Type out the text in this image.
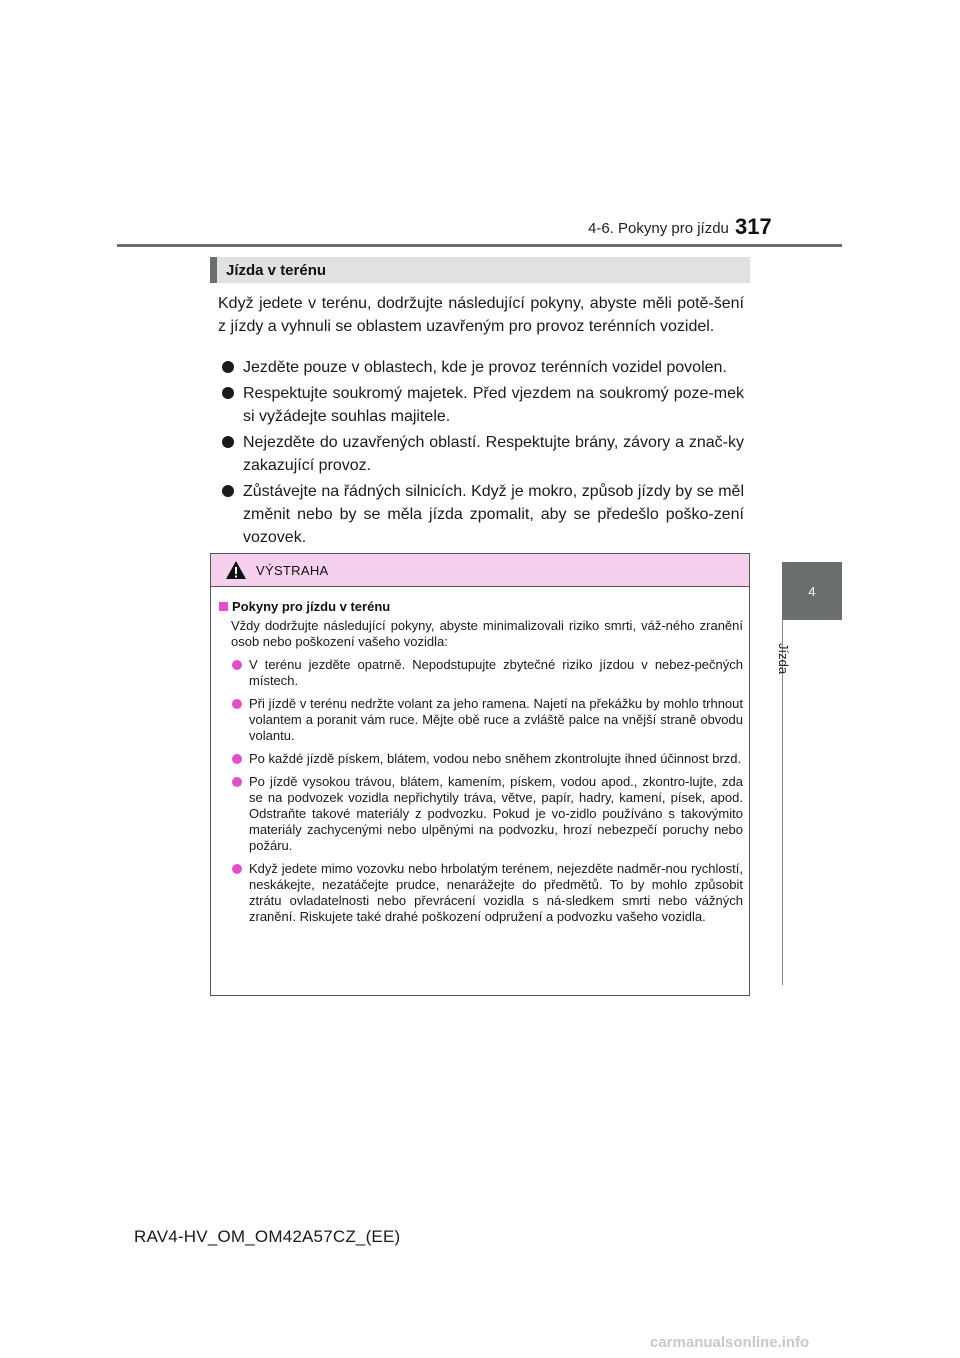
4-6. Pokyny pro jízdu 317
4
Jízda
Jízda v terénu

Když jedete v terénu, dodržujte následující pokyny, abyste měli potě-šení z jízdy a vyhnuli se oblastem uzavřeným pro provoz terénních vozidel.

Jezděte pouze v oblastech, kde je provoz terénních vozidel povolen.
Respektujte soukromý majetek. Před vjezdem na soukromý poze-mek si vyžádejte souhlas majitele.
Nejezděte do uzavřených oblastí. Respektujte brány, závory a znač-ky zakazující provoz.
Zůstávejte na řádných silnicích. Když je mokro, způsob jízdy by se měl změnit nebo by se měla jízda zpomalit, aby se předešlo poško-zení vozovek.
VÝSTRAHA
Pokyny pro jízdu v terénu

Vždy dodržujte následující pokyny, abyste minimalizovali riziko smrti, váž-ného zranění osob nebo poškození vašeho vozidla:

V terénu jezděte opatrně. Nepodstupujte zbytečné riziko jízdou v nebez-pečných místech.
Při jízdě v terénu nedržte volant za jeho ramena. Najetí na překážku by mohlo trhnout volantem a poranit vám ruce. Mějte obě ruce a zvláště palce na vnější straně obvodu volantu.
Po každé jízdě pískem, blátem, vodou nebo sněhem zkontrolujte ihned účinnost brzd.
Po jízdě vysokou trávou, blátem, kamením, pískem, vodou apod., zkontro-lujte, zda se na podvozek vozidla nepřichytily tráva, větve, papír, hadry, kamení, písek, apod. Odstraňte takové materiály z podvozku. Pokud je vo-zidlo používáno s takovýmito materiály zachycenými nebo ulpěnými na podvozku, hrozí nebezpečí poruchy nebo požáru.
Když jedete mimo vozovku nebo hrbolatým terénem, nejezděte nadměr-nou rychlostí, neskákejte, nezatáčejte prudce, nenarážejte do předmětů. To by mohlo způsobit ztrátu ovladatelnosti nebo převrácení vozidla s ná-sledkem smrti nebo vážných zranění. Riskujete také drahé poškození odpružení a podvozku vašeho vozidla.
RAV4-HV_OM_OM42A57CZ_(EE)
carmanualsonline.info
